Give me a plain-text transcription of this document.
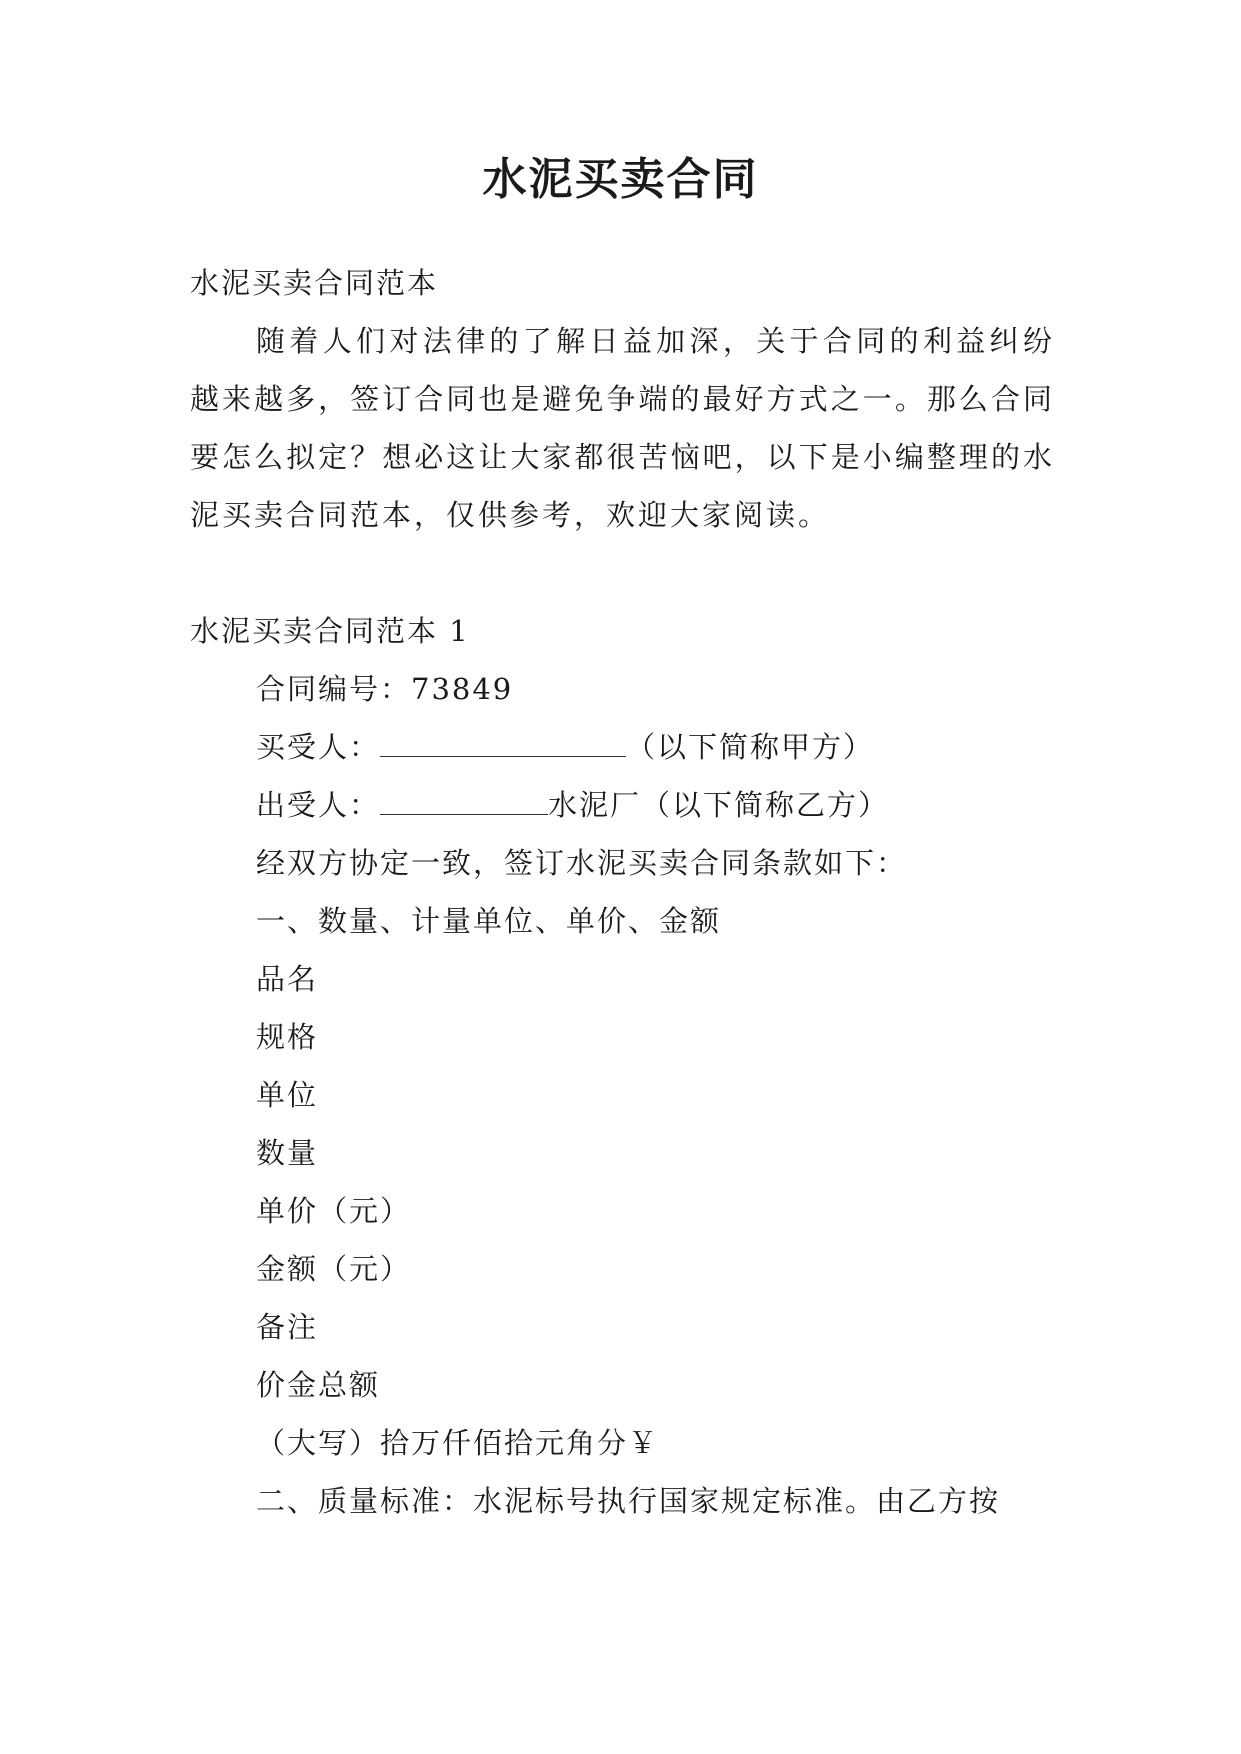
水泥买卖合同
水泥买卖合同范本

随着人们对法律的了解日益加深，关于合同的利益纠纷越来越多，签订合同也是避免争端的最好方式之一。那么合同要怎么拟定？想必这让大家都很苦恼吧，以下是小编整理的水泥买卖合同范本，仅供参考，欢迎大家阅读。

水泥买卖合同范本 1
合同编号：73849
买受人：	（以下简称甲方）
出受人：	水泥厂（以下简称乙方）
经双方协定一致，签订水泥买卖合同条款如下：
一、数量、计量单位、单价、金额
品名
规格
单位
数量
单价（元）
金额（元）
备注
价金总额
（大写）拾万仟佰拾元角分￥
二、质量标准：水泥标号执行国家规定标准。由乙方按
